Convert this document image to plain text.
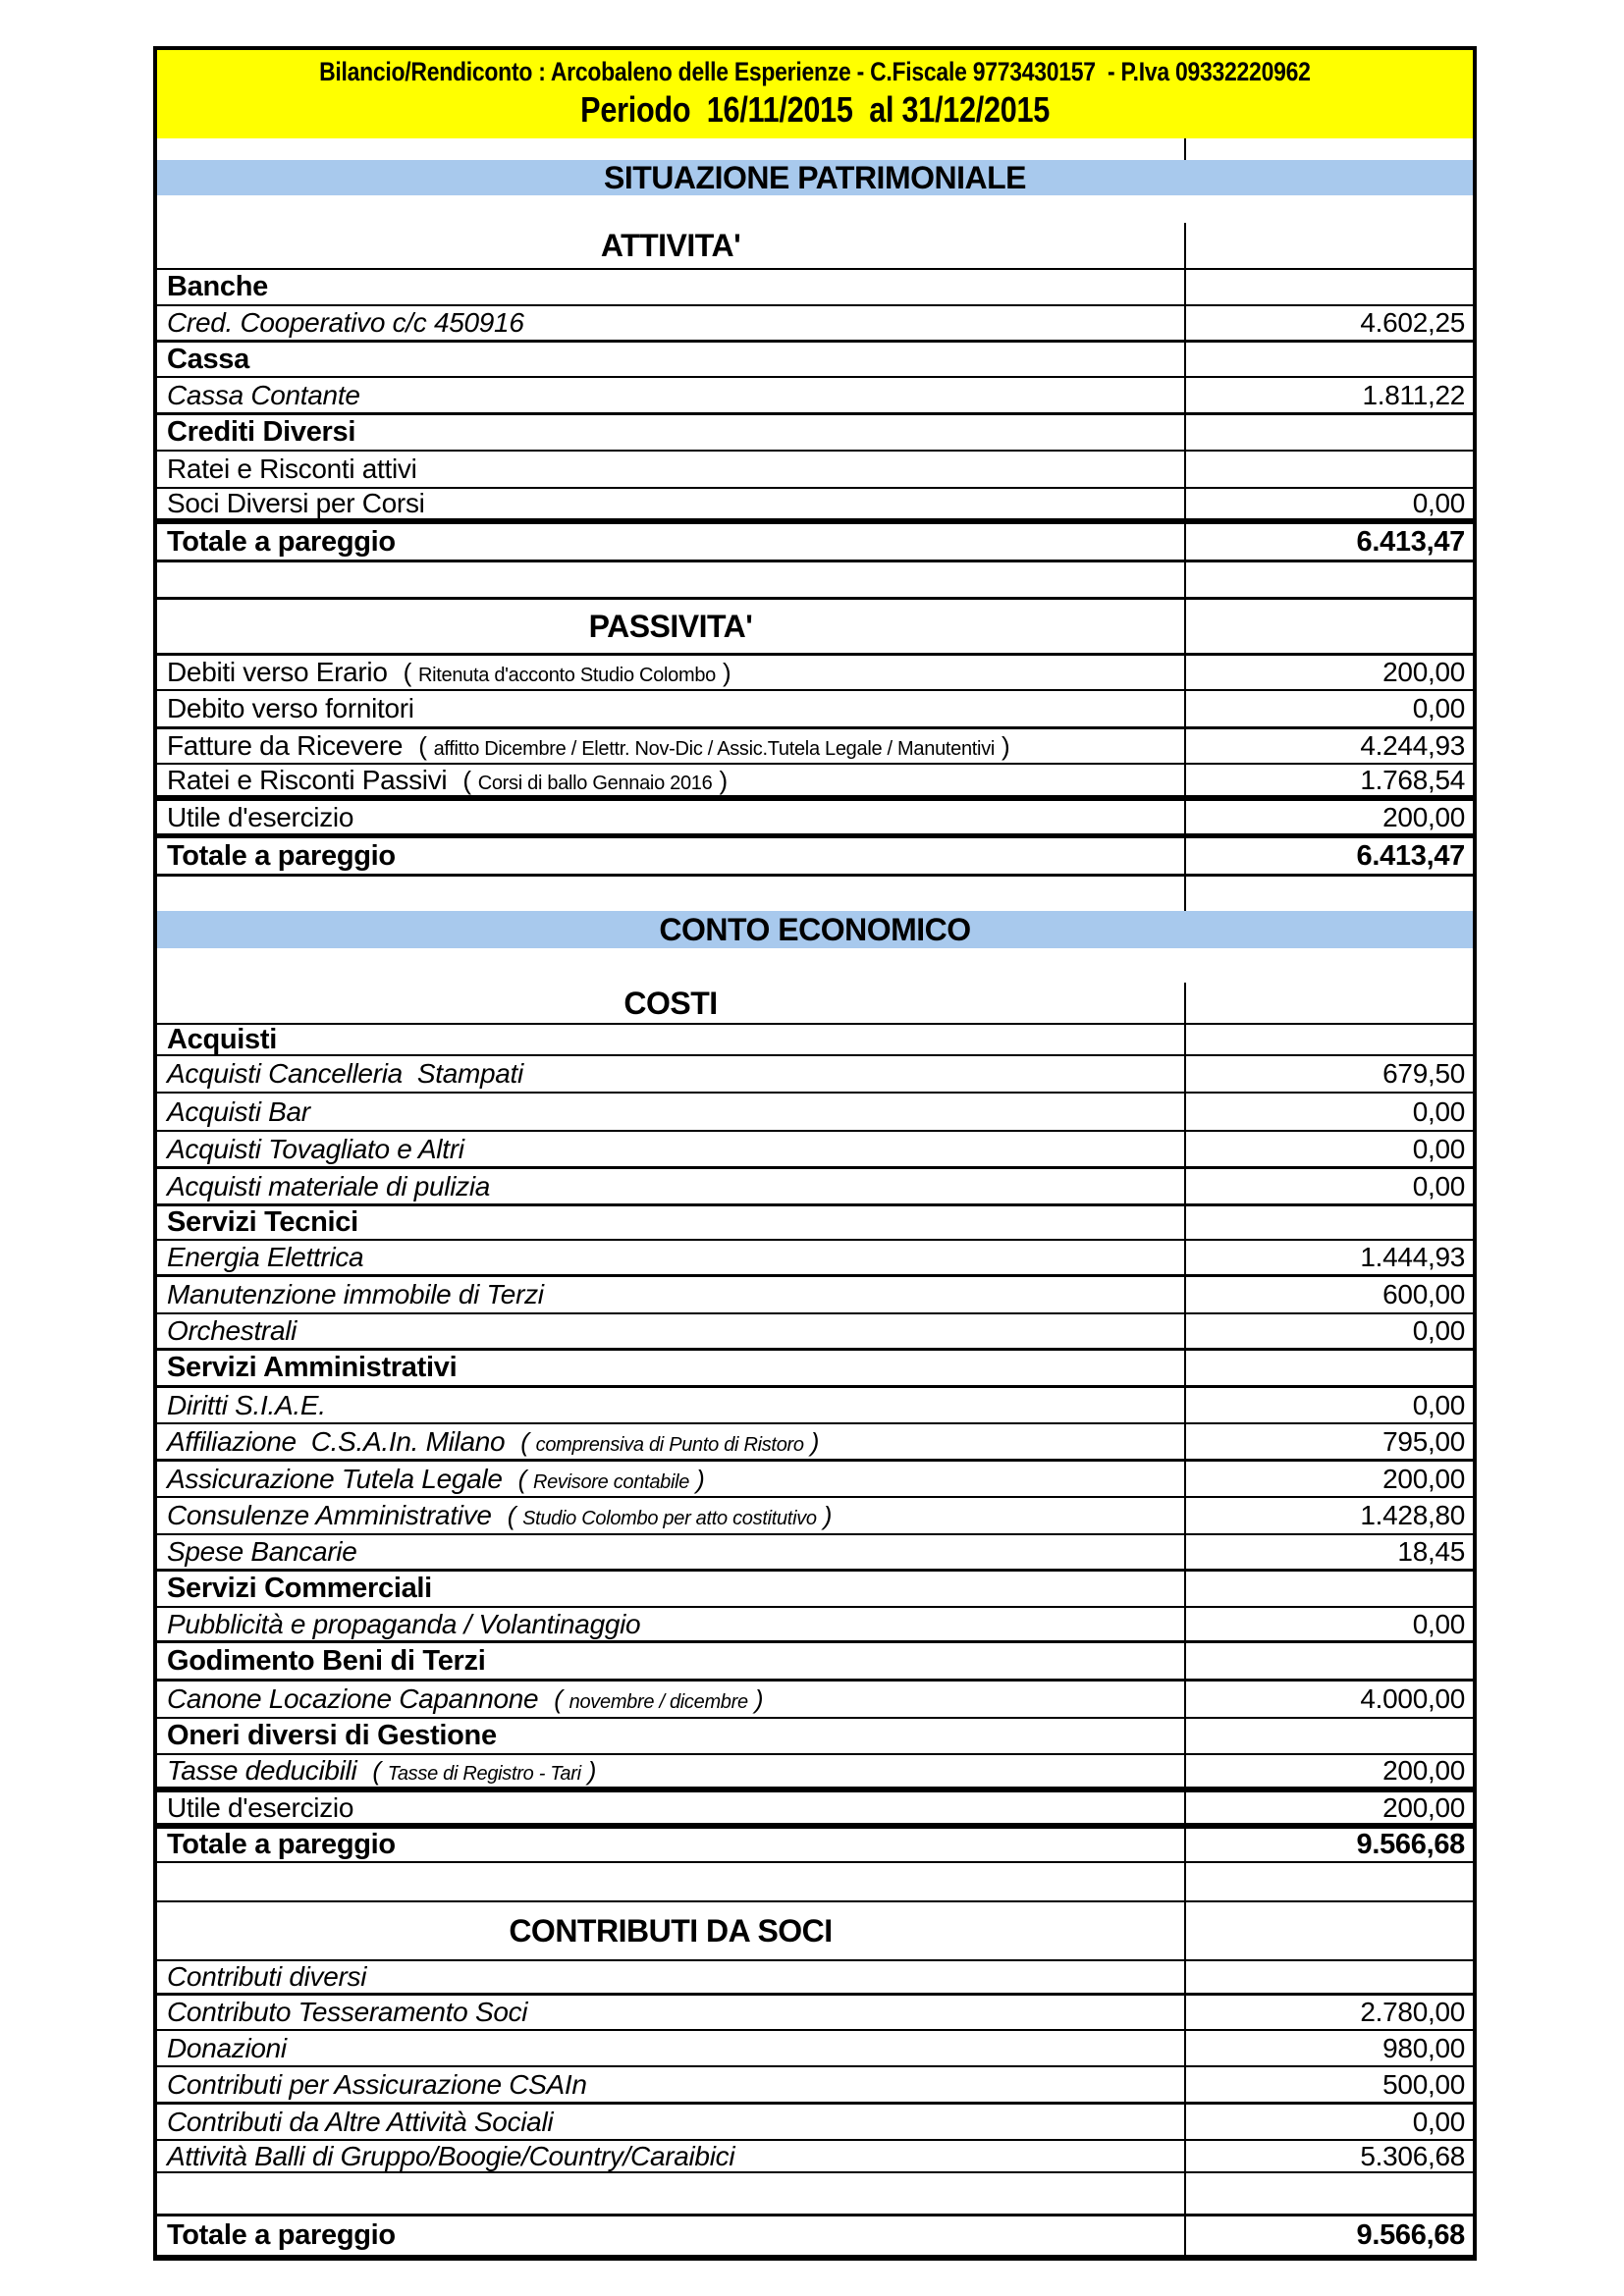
Bilancio/Rendiconto : Arcobaleno delle Esperienze - C.Fiscale 9773430157  - P.Iva 09332220962
Periodo  16/11/2015  al 31/12/2015
SITUAZIONE PATRIMONIALE
ATTIVITA'
Banche
Cred. Cooperativo c/c 450916	4.602,25
Cassa
Cassa Contante	1.811,22
Crediti Diversi
Ratei e Risconti attivi
Soci Diversi per Corsi	0,00
Totale a pareggio	6.413,47
PASSIVITA'
Debiti verso Erario ( Ritenuta d'acconto Studio Colombo )	200,00
Debito verso fornitori	0,00
Fatture da Ricevere ( affitto Dicembre / Elettr. Nov-Dic / Assic.Tutela Legale / Manutentivi )	4.244,93
Ratei e Risconti Passivi ( Corsi di ballo Gennaio 2016 )	1.768,54
Utile d'esercizio	200,00
Totale a pareggio	6.413,47
CONTO ECONOMICO
COSTI
Acquisti
Acquisti Cancelleria  Stampati	679,50
Acquisti Bar	0,00
Acquisti Tovagliato e Altri	0,00
Acquisti materiale di pulizia	0,00
Servizi Tecnici
Energia Elettrica	1.444,93
Manutenzione immobile di Terzi	600,00
Orchestrali	0,00
Servizi Amministrativi
Diritti S.I.A.E.	0,00
Affiliazione  C.S.A.In. Milano ( comprensiva di Punto di Ristoro )	795,00
Assicurazione Tutela Legale ( Revisore contabile )	200,00
Consulenze Amministrative ( Studio Colombo per atto costitutivo )	1.428,80
Spese Bancarie	18,45
Servizi Commerciali
Pubblicità e propaganda / Volantinaggio	0,00
Godimento Beni di Terzi
Canone Locazione Capannone ( novembre / dicembre )	4.000,00
Oneri diversi di Gestione
Tasse deducibili ( Tasse di Registro - Tari )	200,00
Utile d'esercizio	200,00
Totale a pareggio	9.566,68
CONTRIBUTI DA SOCI
Contributi diversi
Contributo Tesseramento Soci	2.780,00
Donazioni	980,00
Contributi per Assicurazione CSAIn	500,00
Contributi da Altre Attività Sociali	0,00
Attività Balli di Gruppo/Boogie/Country/Caraibici	5.306,68
Totale a pareggio	9.566,68
